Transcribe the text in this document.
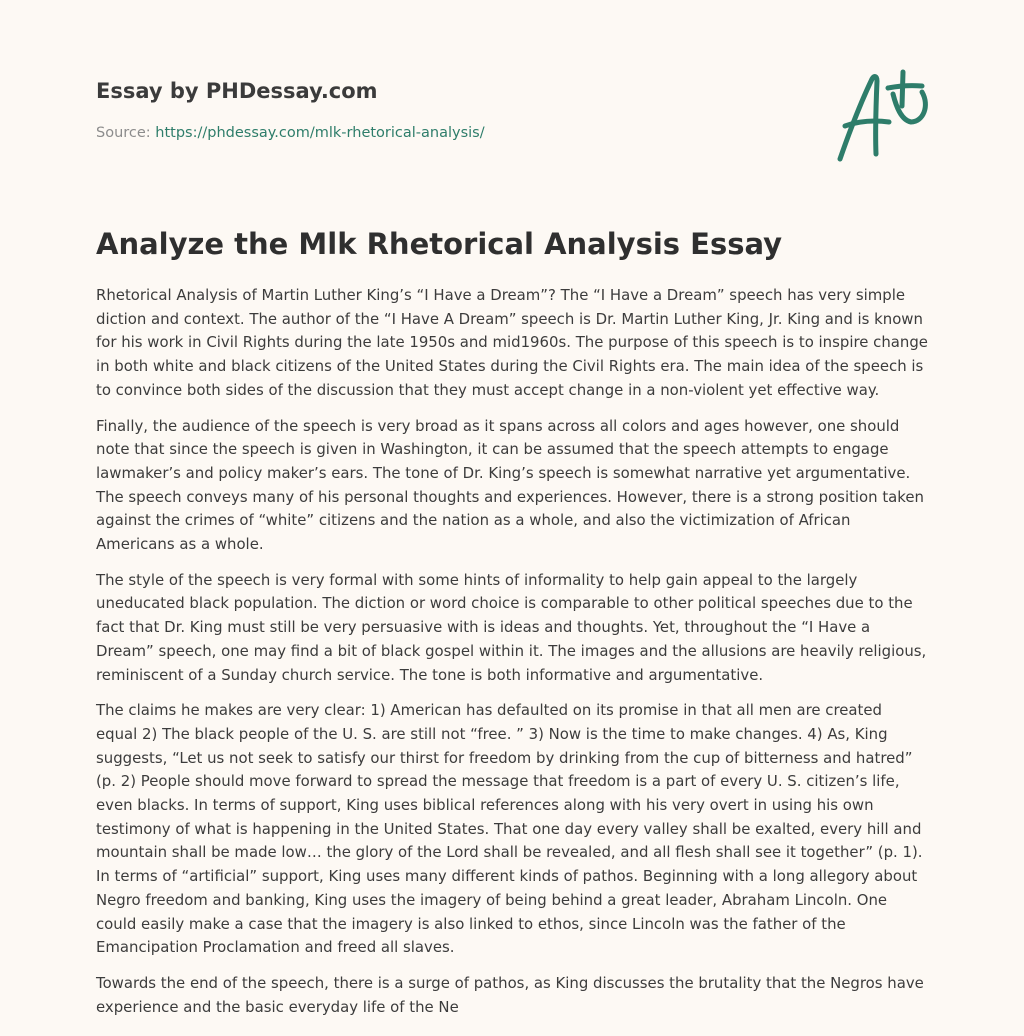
Essay by PHDessay.com
Source: https://phdessay.com/mlk-rhetorical-analysis/
Analyze the Mlk Rhetorical Analysis Essay

Rhetorical Analysis of Martin Luther King’s “I Have a Dream”? The “I Have a Dream” speech has very simple diction and context. The author of the “I Have A Dream” speech is Dr. Martin Luther King, Jr. King and is known for his work in Civil Rights during the late 1950s and mid1960s. The purpose of this speech is to inspire change in both white and black citizens of the United States during the Civil Rights era. The main idea of the speech is to convince both sides of the discussion that they must accept change in a non-violent yet effective way.

Finally, the audience of the speech is very broad as it spans across all colors and ages however, one should note that since the speech is given in Washington, it can be assumed that the speech attempts to engage lawmaker’s and policy maker’s ears. The tone of Dr. King’s speech is somewhat narrative yet argumentative. The speech conveys many of his personal thoughts and experiences. However, there is a strong position taken against the crimes of “white” citizens and the nation as a whole, and also the victimization of African Americans as a whole.

The style of the speech is very formal with some hints of informality to help gain appeal to the largely uneducated black population. The diction or word choice is comparable to other political speeches due to the fact that Dr. King must still be very persuasive with is ideas and thoughts. Yet, throughout the “I Have a Dream” speech, one may find a bit of black gospel within it. The images and the allusions are heavily religious, reminiscent of a Sunday church service. The tone is both informative and argumentative.

The claims he makes are very clear: 1) American has defaulted on its promise in that all men are created equal 2) The black people of the U. S. are still not “free. ” 3) Now is the time to make changes. 4) As, King suggests, “Let us not seek to satisfy our thirst for freedom by drinking from the cup of bitterness and hatred” (p. 2) People should move forward to spread the message that freedom is a part of every U. S. citizen’s life, even blacks. In terms of support, King uses biblical references along with his very overt in using his own testimony of what is happening in the United States. That one day every valley shall be exalted, every hill and mountain shall be made low… the glory of the Lord shall be revealed, and all flesh shall see it together” (p. 1). In terms of “artificial” support, King uses many different kinds of pathos. Beginning with a long allegory about Negro freedom and banking, King uses the imagery of being behind a great leader, Abraham Lincoln. One could easily make a case that the imagery is also linked to ethos, since Lincoln was the father of the Emancipation Proclamation and freed all slaves.

Towards the end of the speech, there is a surge of pathos, as King discusses the brutality that the Negros have experience and the basic everyday life of the Ne
